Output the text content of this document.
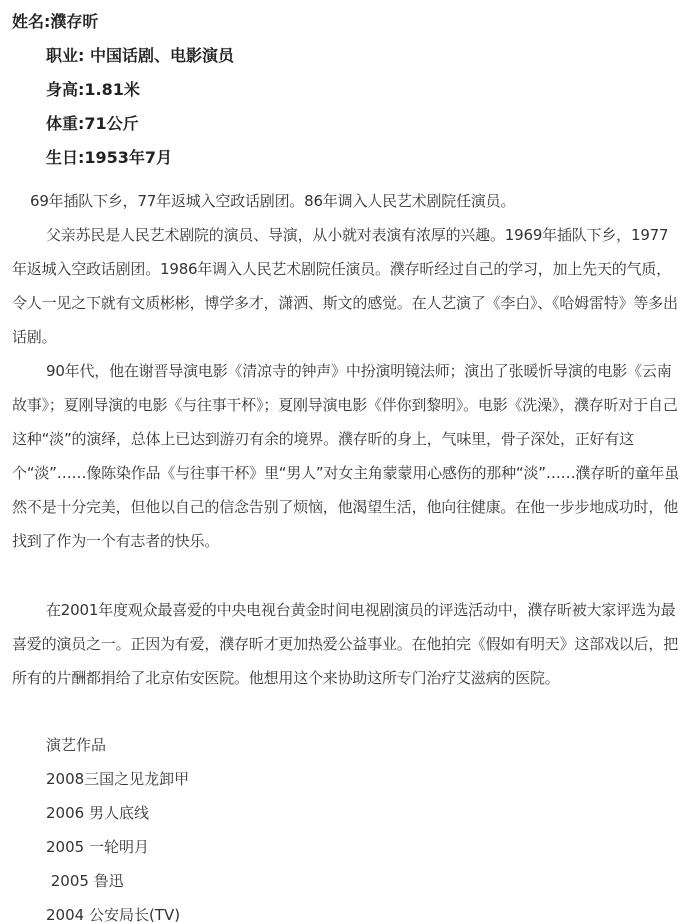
姓名:濮存昕
职业: 中国话剧、电影演员
身高:1.81米
体重:71公斤
生日:1953年7月

69年插队下乡，77年返城入空政话剧团。86年调入人民艺术剧院任演员。

父亲苏民是人民艺术剧院的演员、导演，从小就对表演有浓厚的兴趣。1969年插队下乡，1977年返城入空政话剧团。1986年调入人民艺术剧院任演员。濮存昕经过自己的学习，加上先天的气质，令人一见之下就有文质彬彬，博学多才，潇洒、斯文的感觉。在人艺演了《李白》、《哈姆雷特》等多出话剧。

90年代，他在谢晋导演电影《清凉寺的钟声》中扮演明镜法师；演出了张暖忻导演的电影《云南故事》；夏刚导演的电影《与往事干杯》；夏刚导演电影《伴你到黎明》。电影《洗澡》，濮存昕对于自己这种“淡”的演绎，总体上已达到游刃有余的境界。濮存昕的身上，气味里，骨子深处，正好有这个“淡”……像陈染作品《与往事干杯》里“男人”对女主角蒙蒙用心感伤的那种“淡”……濮存昕的童年虽然不是十分完美，但他以自己的信念告别了烦恼，他渴望生活，他向往健康。在他一步步地成功时，他找到了作为一个有志者的快乐。

在2001年度观众最喜爱的中央电视台黄金时间电视剧演员的评选活动中，濮存昕被大家评选为最喜爱的演员之一。正因为有爱，濮存昕才更加热爱公益事业。在他拍完《假如有明天》这部戏以后，把所有的片酬都捐给了北京佑安医院。他想用这个来协助这所专门治疗艾滋病的医院。

演艺作品
2008三国之见龙卸甲
2006 男人底线
2005 一轮明月
2005 鲁迅
2004 公安局长(TV)
